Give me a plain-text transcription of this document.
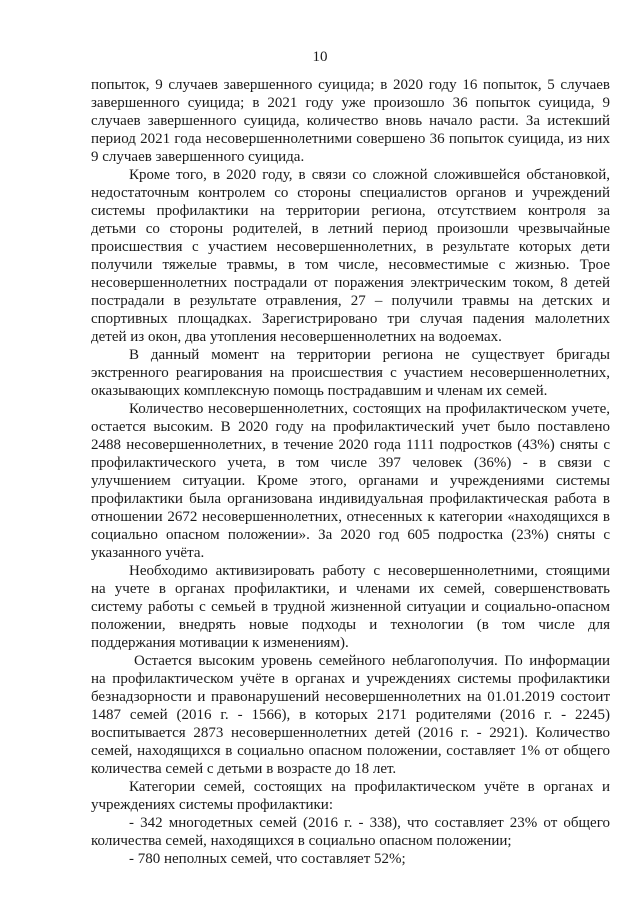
10
попыток, 9 случаев завершенного суицида; в 2020 году 16 попыток, 5 случаев
завершенного суицида; в 2021 году уже произошло 36 попыток суицида, 9
случаев завершенного суицида, количество вновь начало расти. За истекший
период 2021 года несовершеннолетними совершено 36 попыток суицида, из них
9 случаев завершенного суицида.
Кроме того, в 2020 году, в связи со сложной сложившейся обстановкой,
недостаточным контролем со стороны специалистов органов и учреждений
системы профилактики на территории региона, отсутствием контроля за
детьми со стороны родителей, в летний период произошли чрезвычайные
происшествия с участием несовершеннолетних, в результате которых дети
получили тяжелые травмы, в том числе, несовместимые с жизнью. Трое
несовершеннолетних пострадали от поражения электрическим током, 8 детей
пострадали в результате отравления, 27 – получили травмы на детских и
спортивных площадках. Зарегистрировано три случая падения малолетних
детей из окон, два утопления несовершеннолетних на водоемах.
В данный момент на территории региона не существует бригады
экстренного реагирования на происшествия с участием несовершеннолетних,
оказывающих комплексную помощь пострадавшим и членам их семей.
Количество несовершеннолетних, состоящих на профилактическом учете,
остается высоким. В 2020 году на профилактический учет было поставлено
2488 несовершеннолетних, в течение 2020 года 1111 подростков (43%) сняты с
профилактического учета, в том числе 397 человек (36%) - в связи с
улучшением ситуации. Кроме этого, органами и учреждениями системы
профилактики была организована индивидуальная профилактическая работа в
отношении 2672 несовершеннолетних, отнесенных к категории «находящихся в
социально опасном положении». За 2020 год 605 подростка (23%) сняты с
указанного учёта.
Необходимо активизировать работу с несовершеннолетними, стоящими
на учете в органах профилактики, и членами их семей, совершенствовать
систему работы с семьей в трудной жизненной ситуации и социально-опасном
положении, внедрять новые подходы и технологии (в том числе для
поддержания мотивации к изменениям).
Остается высоким уровень семейного неблагополучия. По информации
на профилактическом учёте в органах и учреждениях системы профилактики
безнадзорности и правонарушений несовершеннолетних на 01.01.2019 состоит
1487 семей (2016 г. - 1566), в которых 2171 родителями (2016 г. - 2245)
воспитывается 2873 несовершеннолетних детей (2016 г. - 2921). Количество
семей, находящихся в социально опасном положении, составляет 1% от общего
количества семей с детьми в возрасте до 18 лет.
Категории семей, состоящих на профилактическом учёте в органах и
учреждениях системы профилактики:
- 342 многодетных семей (2016 г. - 338), что составляет 23% от общего
количества семей, находящихся в социально опасном положении;
- 780 неполных семей, что составляет 52%;
